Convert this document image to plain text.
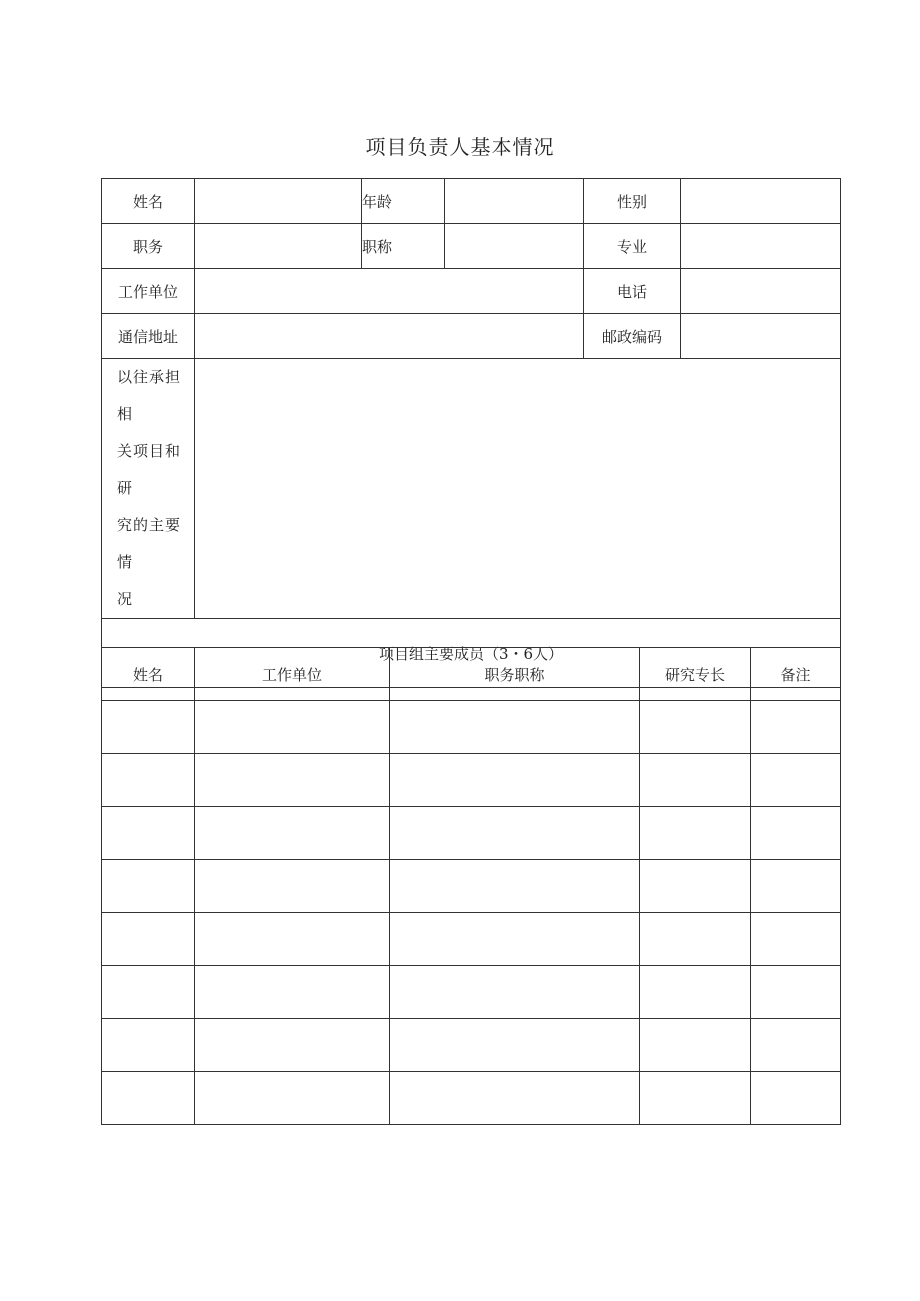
项目负责人基本情况
姓名		年龄		性别	
职务		职称		专业	
工作单位				电话	
通信地址				邮政编码	

以往承担相
关项目和研
究的主要情
况					

项目组主要成员（3・6人）					
姓名	工作单位	职务职称	研究专长	备注
